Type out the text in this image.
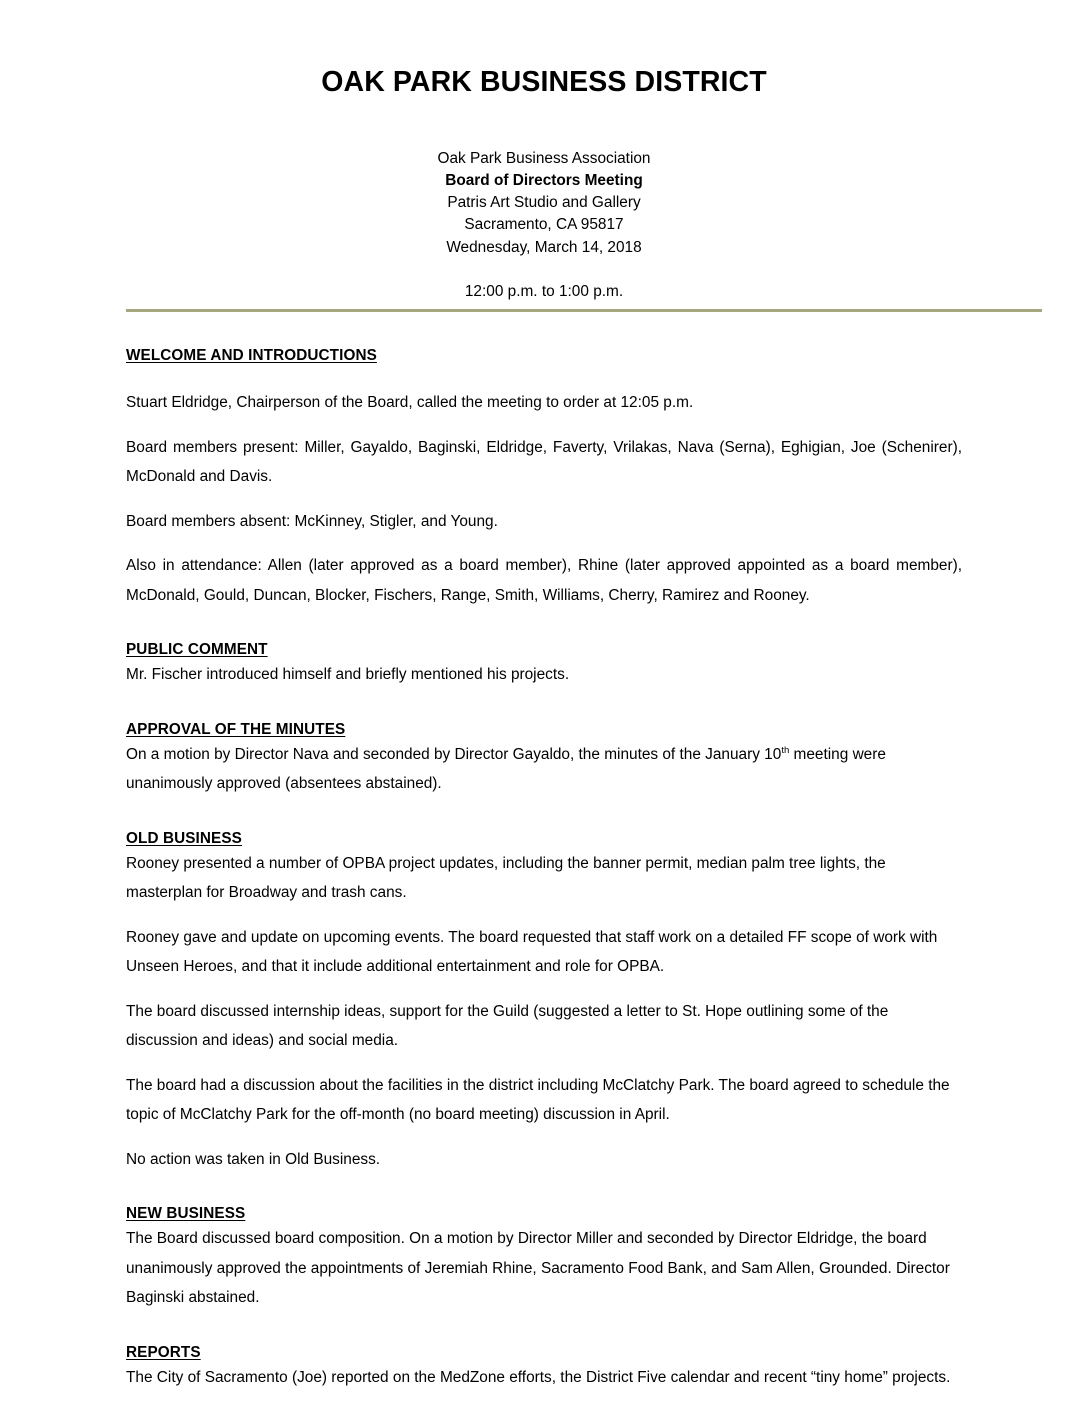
OAK PARK BUSINESS DISTRICT
Oak Park Business Association
Board of Directors Meeting
Patris Art Studio and Gallery
Sacramento, CA 95817
Wednesday, March 14, 2018
12:00 p.m. to 1:00 p.m.
WELCOME AND INTRODUCTIONS

Stuart Eldridge, Chairperson of the Board, called the meeting to order at 12:05 p.m.

Board members present: Miller, Gayaldo, Baginski, Eldridge, Faverty, Vrilakas, Nava (Serna), Eghigian, Joe (Schenirer), McDonald and Davis.

Board members absent: McKinney, Stigler, and Young.

Also in attendance: Allen (later approved as a board member), Rhine (later approved appointed as a board member), McDonald, Gould, Duncan, Blocker, Fischers, Range, Smith, Williams, Cherry, Ramirez and Rooney.

PUBLIC COMMENT

Mr. Fischer introduced himself and briefly mentioned his projects.

APPROVAL OF THE MINUTES

On a motion by Director Nava and seconded by Director Gayaldo, the minutes of the January 10th meeting were unanimously approved (absentees abstained).

OLD BUSINESS

Rooney presented a number of OPBA project updates, including the banner permit, median palm tree lights, the masterplan for Broadway and trash cans.

Rooney gave and update on upcoming events. The board requested that staff work on a detailed FF scope of work with Unseen Heroes, and that it include additional entertainment and role for OPBA.

The board discussed internship ideas, support for the Guild (suggested a letter to St. Hope outlining some of the discussion and ideas) and social media.

The board had a discussion about the facilities in the district including McClatchy Park. The board agreed to schedule the topic of McClatchy Park for the off-month (no board meeting) discussion in April.

No action was taken in Old Business.

NEW BUSINESS

The Board discussed board composition. On a motion by Director Miller and seconded by Director Eldridge, the board unanimously approved the appointments of Jeremiah Rhine, Sacramento Food Bank, and Sam Allen, Grounded. Director Baginski abstained.

REPORTS

The City of Sacramento (Joe) reported on the MedZone efforts, the District Five calendar and recent “tiny home” projects.
